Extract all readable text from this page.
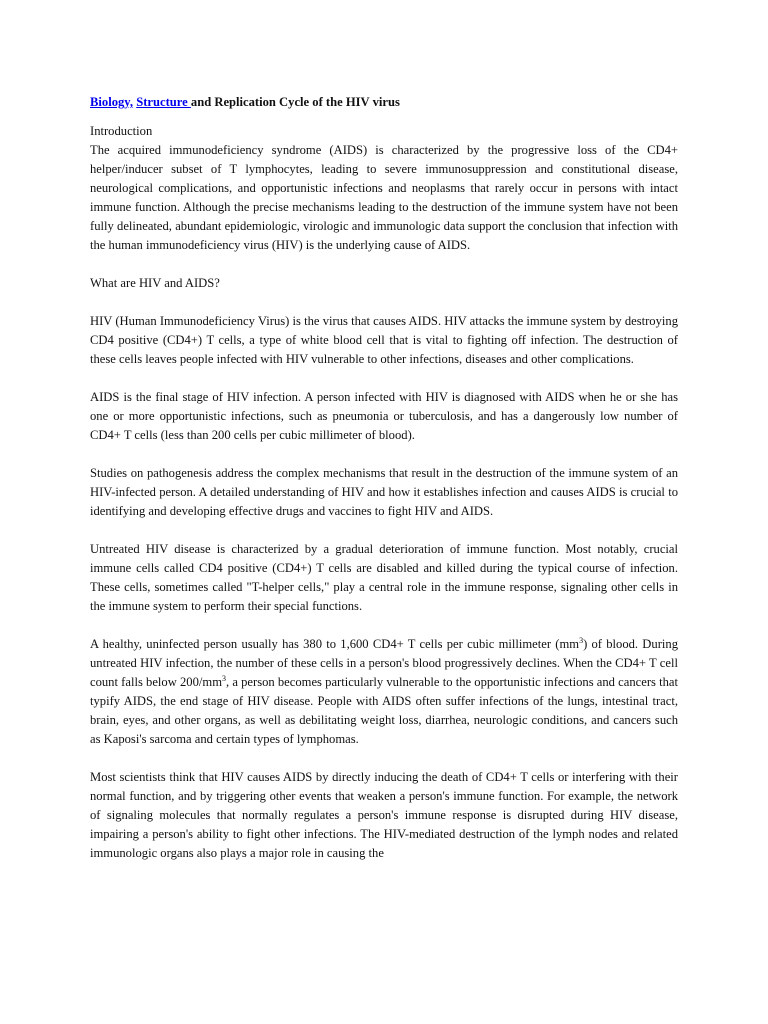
Biology, Structure and Replication Cycle of the HIV virus
Introduction

The acquired immunodeficiency syndrome (AIDS) is characterized by the progressive loss of the CD4+ helper/inducer subset of T lymphocytes, leading to severe immunosuppression and constitutional disease, neurological complications, and opportunistic infections and neoplasms that rarely occur in persons with intact immune function. Although the precise mechanisms leading to the destruction of the immune system have not been fully delineated, abundant epidemiologic, virologic and immunologic data support the conclusion that infection with the human immunodeficiency virus (HIV) is the underlying cause of AIDS.

What are HIV and AIDS?

HIV (Human Immunodeficiency Virus) is the virus that causes AIDS. HIV attacks the immune system by destroying CD4 positive (CD4+) T cells, a type of white blood cell that is vital to fighting off infection. The destruction of these cells leaves people infected with HIV vulnerable to other infections, diseases and other complications.

AIDS is the final stage of HIV infection. A person infected with HIV is diagnosed with AIDS when he or she has one or more opportunistic infections, such as pneumonia or tuberculosis, and has a dangerously low number of CD4+ T cells (less than 200 cells per cubic millimeter of blood).

Studies on pathogenesis address the complex mechanisms that result in the destruction of the immune system of an HIV-infected person. A detailed understanding of HIV and how it establishes infection and causes AIDS is crucial to identifying and developing effective drugs and vaccines to fight HIV and AIDS.

Untreated HIV disease is characterized by a gradual deterioration of immune function. Most notably, crucial immune cells called CD4 positive (CD4+) T cells are disabled and killed during the typical course of infection. These cells, sometimes called "T-helper cells," play a central role in the immune response, signaling other cells in the immune system to perform their special functions.

A healthy, uninfected person usually has 380 to 1,600 CD4+ T cells per cubic millimeter $(mm^3)$ of blood. During untreated HIV infection, the number of these cells in a person's blood progressively declines. When the CD4+ T cell count falls below $200/mm^3$, a person becomes particularly vulnerable to the opportunistic infections and cancers that typify AIDS, the end stage of HIV disease. People with AIDS often suffer infections of the lungs, intestinal tract, brain, eyes, and other organs, as well as debilitating weight loss, diarrhea, neurologic conditions, and cancers such as Kaposi's sarcoma and certain types of lymphomas.

Most scientists think that HIV causes AIDS by directly inducing the death of CD4+ T cells or interfering with their normal function, and by triggering other events that weaken a person's immune function. For example, the network of signaling molecules that normally regulates a person's immune response is disrupted during HIV disease, impairing a person's ability to fight other infections. The HIV-mediated destruction of the lymph nodes and related immunologic organs also plays a major role in causing the
